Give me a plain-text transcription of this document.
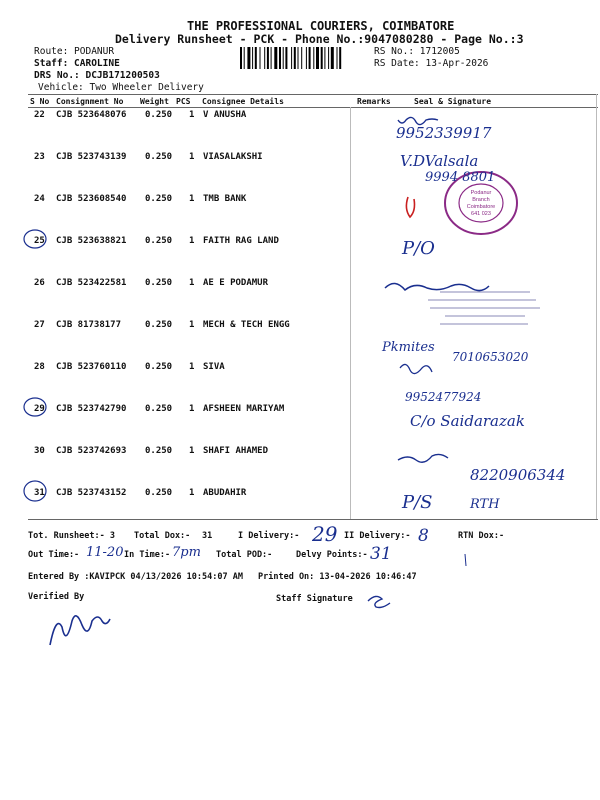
THE PROFESSIONAL COURIERS, COIMBATORE
Delivery Runsheet - PCK - Phone No.:9047080280 - Page No.:3
Route: PODANUR
Staff: CAROLINE
DRS No.: DCJB171200503
Vehicle: Two Wheeler Delivery
RS No.: 1712005
RS Date: 13-Apr-2026
S No Consignment No Weight PCS Consignee Details	Remarks	Seal & Signature
22 CJB 523648076 0.250 1 V ANUSHA
23 CJB 523743139 0.250 1 VIASALAKSHI
24 CJB 523608540 0.250 1 TMB BANK
25 CJB 523638821 0.250 1 FAITH RAG LAND
26 CJB 523422581 0.250 1 AE E PODAMUR
27 CJB 81738177	0.250 1 MECH & TECH ENGG
28 CJB 523760110 0.250 1 SIVA
29 CJB 523742790 0.250 1 AFSHEEN MARIYAM
30 CJB 523742693 0.250 1 SHAFI AHAMED
31 CJB 523743152 0.250 1 ABUDAHIR
Podanur
Branch
Coimbatore
641 023
9952339917
V.DValsala
9994 8801
P/O
Pkmites
7010653020
9952477924
C/o Saidarazak
8220906344
P/S	RTH
Tot. Runsheet:- 3 Total Dox:- 31	I Delivery:- 29 II Delivery:- 8	RTN Dox:-
Out Time:- 11-20 In Time:- 7pm Total POD:-	Delvy Points:- 31
Entered By :KAVIPCK 04/13/2026 10:54:07 AM Printed On: 13-04-2026 10:46:47
Verified By	Staff Signature
